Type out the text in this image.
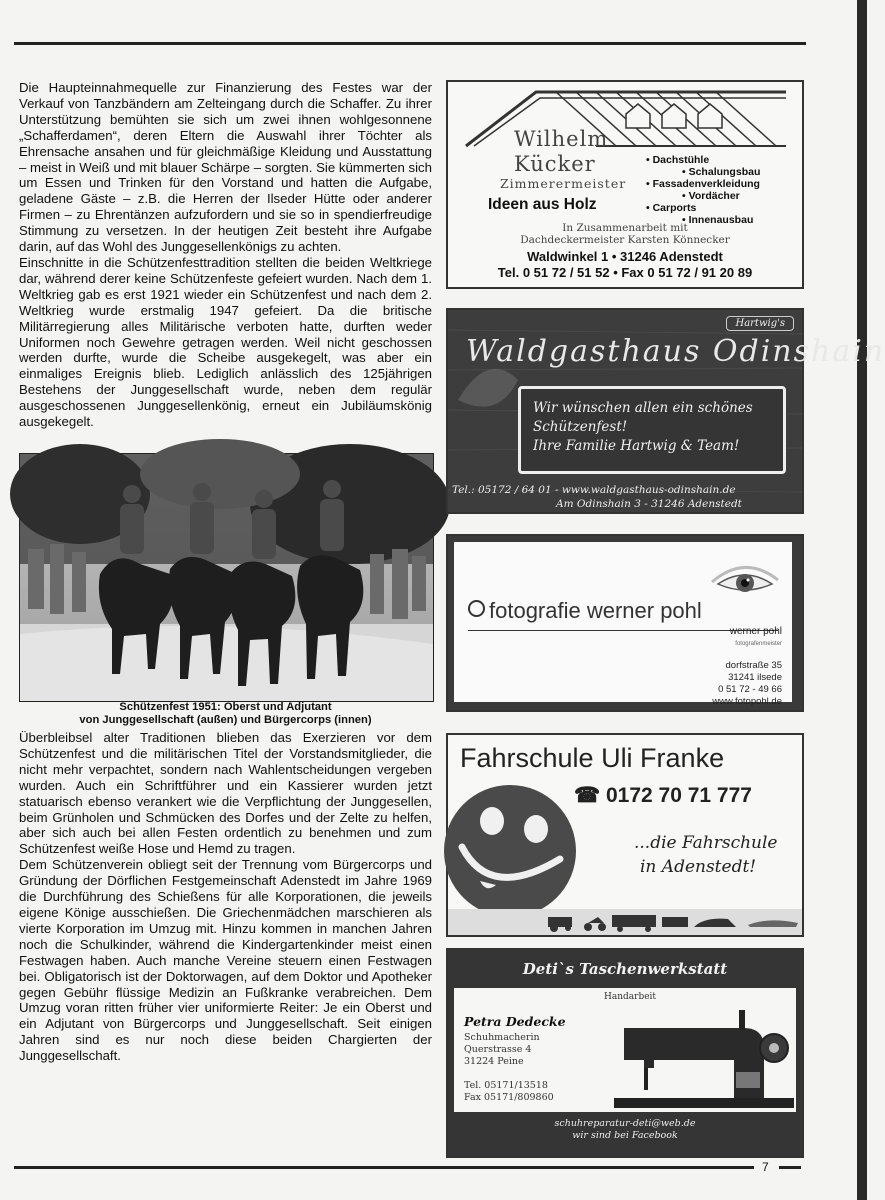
Die Haupteinnahmequelle zur Finanzierung des Festes war der Verkauf von Tanzbändern am Zelteingang durch die Schaffer. Zu ihrer Unterstützung bemühten sie sich um zwei ihnen wohlgesonnene „Schafferdamen“, deren Eltern die Auswahl ihrer Töchter als Ehrensache ansahen und für gleichmäßige Kleidung und Ausstattung – meist in Weiß und mit blauer Schärpe – sorgten. Sie kümmerten sich um Essen und Trinken für den Vorstand und hatten die Aufgabe, geladene Gäste – z.B. die Herren der Ilseder Hütte oder anderer Firmen – zu Ehrentänzen aufzufordern und sie so in spendierfreudige Stimmung zu versetzen. In der heutigen Zeit besteht ihre Aufgabe darin, auf das Wohl des Junggesellenkönigs zu achten.

Einschnitte in die Schützenfesttradition stellten die beiden Weltkriege dar, während derer keine Schützenfeste gefeiert wurden. Nach dem 1. Weltkrieg gab es erst 1921 wieder ein Schützenfest und nach dem 2. Weltkrieg wurde erstmalig 1947 gefeiert. Da die britische Militärregierung alles Militärische verboten hatte, durften weder Uniformen noch Gewehre getragen werden. Weil nicht geschossen werden durfte, wurde die Scheibe ausgekegelt, was aber ein einmaliges Ereignis blieb. Lediglich anlässlich des 125jährigen Bestehens der Junggesellschaft wurde, neben dem regulär ausgeschossenen Junggesellenkönig, erneut ein Jubiläumskönig ausgekegelt.

Schützenfest 1951: Oberst und Adjutant
von Junggesellschaft (außen) und Bürgercorps (innen)

Überbleibsel alter Traditionen blieben das Exerzieren vor dem Schützenfest und die militärischen Titel der Vorstandsmitglieder, die nicht mehr verpachtet, sondern nach Wahlentscheidungen vergeben wurden. Auch ein Schriftführer und ein Kassierer wurden jetzt statuarisch ebenso verankert wie die Verpflichtung der Junggesellen, beim Grünholen und Schmücken des Dorfes und der Zelte zu helfen, aber sich auch bei allen Festen ordentlich zu benehmen und zum Schützenfest weiße Hose und Hemd zu tragen.

Dem Schützenverein obliegt seit der Trennung vom Bürgercorps und Gründung der Dörflichen Festgemeinschaft Adenstedt im Jahre 1969 die Durchführung des Schießens für alle Korporationen, die jeweils eigene Könige ausschießen. Die Griechenmädchen marschieren als vierte Korporation im Umzug mit. Hinzu kommen in manchen Jahren noch die Schulkinder, während die Kindergartenkinder meist einen Festwagen haben. Auch manche Vereine steuern einen Festwagen bei. Obligatorisch ist der Doktorwagen, auf dem Doktor und Apotheker gegen Gebühr flüssige Medizin an Fußkranke verabreichen. Dem Umzug voran ritten früher vier uniformierte Reiter: Je ein Oberst und ein Adjutant von Bürgercorps und Junggesellschaft. Seit einigen Jahren sind es nur noch diese beiden Chargierten der Junggesellschaft.

Wilhelm
Kücker
Zimmerermeister
• Dachstühle
• Schalungsbau
• Fassadenverkleidung
• Vordächer
• Carports
• Innenausbau
Ideen aus Holz
In Zusammenarbeit mit
Dachdeckermeister Karsten Könnecker
Waldwinkel 1 • 31246 Adenstedt
Tel. 0 51 72 / 51 52 • Fax 0 51 72 / 91 20 89
Hartwig's
Waldgasthaus Odinshain
Wir wünschen allen ein schönes
Schützenfest!
Ihre Familie Hartwig & Team!
Tel.: 05172 / 64 01 - www.waldgasthaus-odinshain.de
Am Odinshain 3 - 31246 Adenstedt
fotografie werner pohl
werner pohl
fotografenmeister
dorfstraße 35
31241 ilsede
0 51 72 - 49 66
www.fotopohl.de
Fahrschule Uli Franke
☎ 0172 70 71 777
...die Fahrschule
in Adenstedt!
Deti`s Taschenwerkstatt
Handarbeit
Petra Dedecke
Schuhmacherin
Querstrasse 4
31224 Peine
Tel. 05171/13518
Fax 05171/809860
schuhreparatur-deti@web.de
wir sind bei Facebook
7
